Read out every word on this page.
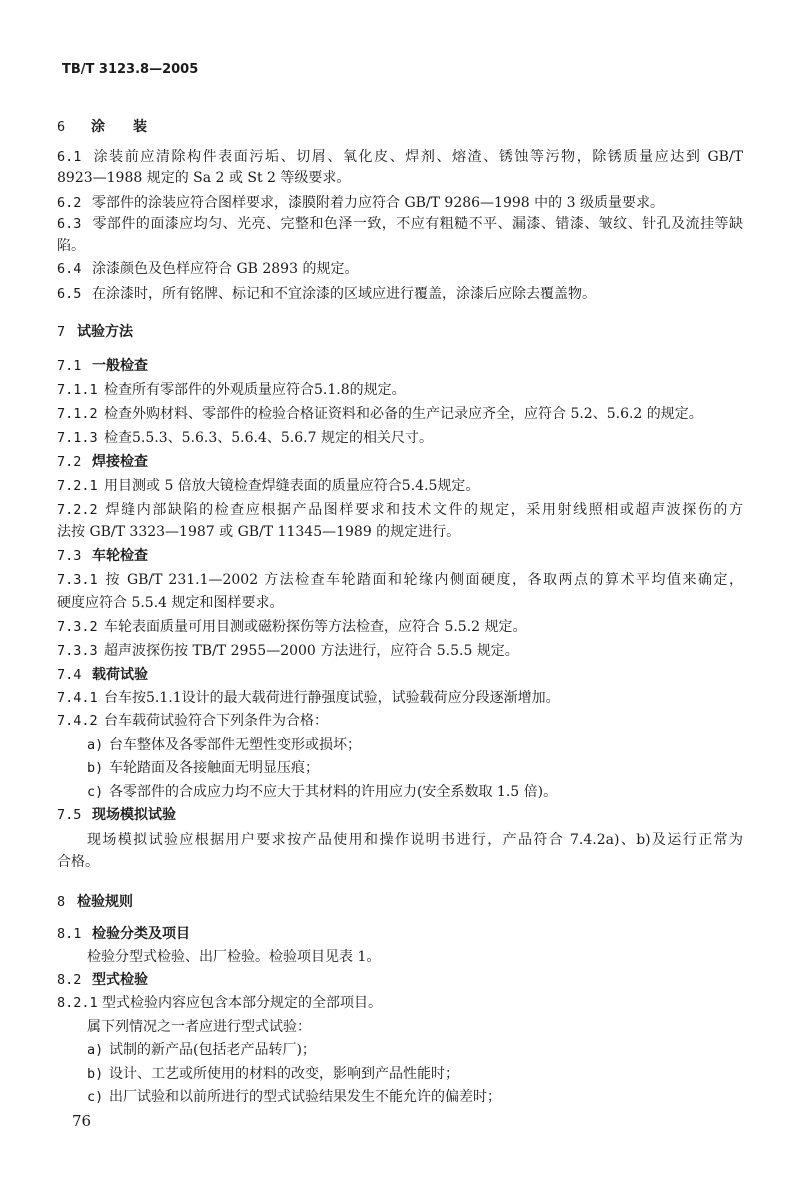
TB/T 3123.8—2005
6 涂　　装
6.1 涂装前应清除构件表面污垢、切屑、氧化皮、焊剂、熔渣、锈蚀等污物，除锈质量应达到 GB/T
8923—1988 规定的 Sa 2 或 St 2 等级要求。
6.2 零部件的涂装应符合图样要求，漆膜附着力应符合 GB/T 9286—1998 中的 3 级质量要求。
6.3 零部件的面漆应均匀、光亮、完整和色泽一致，不应有粗糙不平、漏漆、错漆、皱纹、针孔及流挂等缺
陷。
6.4 涂漆颜色及色样应符合 GB 2893 的规定。
6.5 在涂漆时，所有铭牌、标记和不宜涂漆的区域应进行覆盖，涂漆后应除去覆盖物。
7 试验方法
7.1 一般检查
7.1.1 检查所有零部件的外观质量应符合5.1.8的规定。
7.1.2 检查外购材料、零部件的检验合格证资料和必备的生产记录应齐全，应符合 5.2、5.6.2 的规定。
7.1.3 检查5.5.3、5.6.3、5.6.4、5.6.7 规定的相关尺寸。
7.2 焊接检查
7.2.1 用目测或 5 倍放大镜检查焊缝表面的质量应符合5.4.5规定。
7.2.2 焊缝内部缺陷的检查应根据产品图样要求和技术文件的规定，采用射线照相或超声波探伤的方
法按 GB/T 3323—1987 或 GB/T 11345—1989 的规定进行。
7.3 车轮检查
7.3.1 按 GB/T 231.1—2002 方法检查车轮踏面和轮缘内侧面硬度，各取两点的算术平均值来确定，
硬度应符合 5.5.4 规定和图样要求。
7.3.2 车轮表面质量可用目测或磁粉探伤等方法检查，应符合 5.5.2 规定。
7.3.3 超声波探伤按 TB/T 2955—2000 方法进行，应符合 5.5.5 规定。
7.4 载荷试验
7.4.1 台车按5.1.1设计的最大载荷进行静强度试验，试验载荷应分段逐渐增加。
7.4.2 台车载荷试验符合下列条件为合格：
a) 台车整体及各零部件无塑性变形或损坏；
b) 车轮踏面及各接触面无明显压痕；
c) 各零部件的合成应力均不应大于其材料的许用应力(安全系数取 1.5 倍)。
7.5 现场模拟试验
现场模拟试验应根据用户要求按产品使用和操作说明书进行，产品符合 7.4.2a)、b)及运行正常为
合格。
8 检验规则
8.1 检验分类及项目
检验分型式检验、出厂检验。检验项目见表 1。
8.2 型式检验
8.2.1 型式检验内容应包含本部分规定的全部项目。
属下列情况之一者应进行型式试验：
a) 试制的新产品(包括老产品转厂)；
b) 设计、工艺或所使用的材料的改变，影响到产品性能时；
c) 出厂试验和以前所进行的型式试验结果发生不能允许的偏差时；
76
